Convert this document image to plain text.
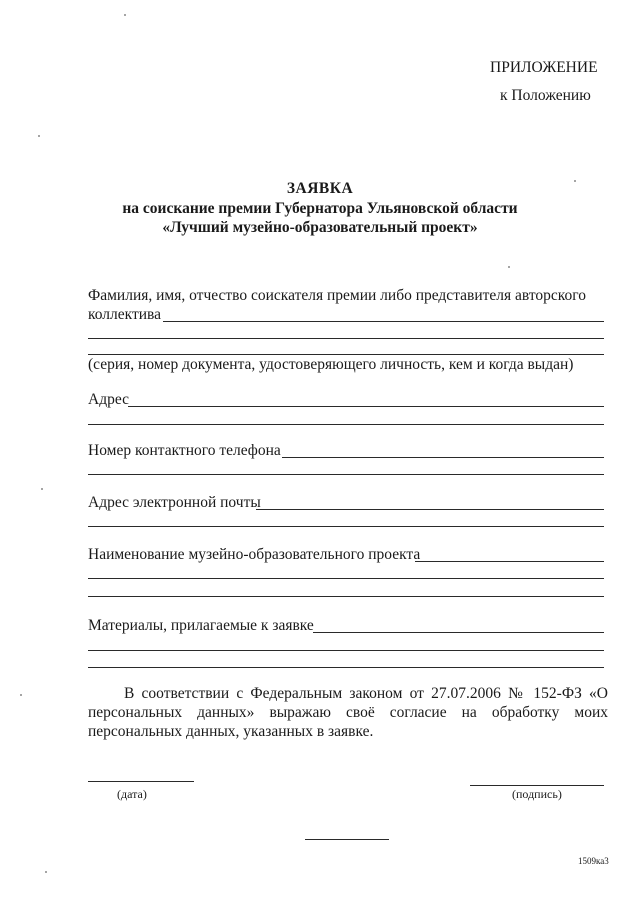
ПРИЛОЖЕНИЕ
к Положению
ЗАЯВКА
на соискание премии Губернатора Ульяновской области
«Лучший музейно-образовательный проект»
Фамилия, имя, отчество соискателя премии либо представителя авторского
коллектива
(серия, номер документа, удостоверяющего личность, кем и когда выдан)
Адрес
Номер контактного телефона
Адрес электронной почты
Наименование музейно-образовательного проекта
Материалы, прилагаемые к заявке

В соответствии с Федеральным законом от 27.07.2006 № 152-ФЗ «О персональных данных» выражаю своё согласие на обработку моих персональных данных, указанных в заявке.

(дата)	(подпись)
1509ка3
